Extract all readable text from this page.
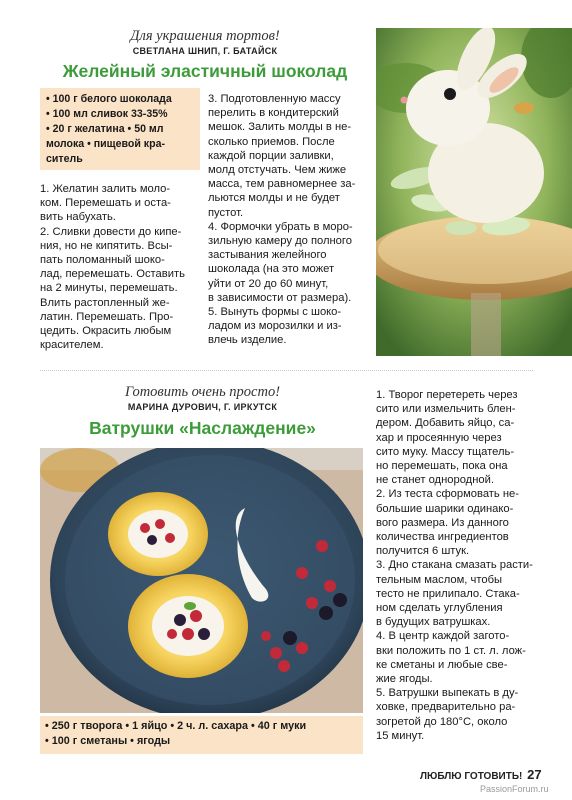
Для украшения тортов!
СВЕТЛАНА ШНИП, Г. БАТАЙСК
Желейный эластичный шоколад
• 100 г белого шоколада
• 100 мл сливок 33-35%
• 20 г желатина • 50 мл
молока • пищевой кра-
ситель
1. Желатин залить моло-
ком. Перемешать и оста-
вить набухать.
2. Сливки довести до кипе-
ния, но не кипятить. Всы-
пать поломанный шоко-
лад, перемешать. Оставить
на 2 минуты, перемешать.
Влить растопленный же-
латин. Перемешать. Про-
цедить. Окрасить любым
красителем.
3. Подготовленную массу
перелить в кондитерский
мешок. Залить молды в не-
сколько приемов. После
каждой порции заливки,
молд отстучать. Чем жиже
масса, тем равномернее за-
льются молды и не будет
пустот.
4. Формочки убрать в моро-
зильную камеру до полного
застывания желейного
шоколада (на это может
уйти от 20 до 60 минут,
в зависимости от размера).
5. Вынуть формы с шоко-
ладом из морозилки и из-
влечь изделие.
Готовить очень просто!
МАРИНА ДУРОВИЧ, Г. ИРКУТСК
Ватрушки «Наслаждение»
• 250 г творога • 1 яйцо • 2 ч. л. сахара • 40 г муки
• 100 г сметаны • ягоды
1. Творог перетереть через
сито или измельчить блен-
дером. Добавить яйцо, са-
хар и просеянную через
сито муку. Массу тщатель-
но перемешать, пока она
не станет однородной.
2. Из теста сформовать не-
большие шарики одинако-
вого размера. Из данного
количества ингредиентов
получится 6 штук.
3. Дно стакана смазать расти-
тельным маслом, чтобы
тесто не прилипало. Стака-
ном сделать углубления
в будущих ватрушках.
4. В центр каждой загото-
вки положить по 1 ст. л. лож-
ке сметаны и любые све-
жие ягоды.
5. Ватрушки выпекать в ду-
ховке, предварительно ра-
зогретой до 180°С, около
15 минут.
ЛЮБЛЮ ГОТОВИТЬ! 27
PassionForum.ru
